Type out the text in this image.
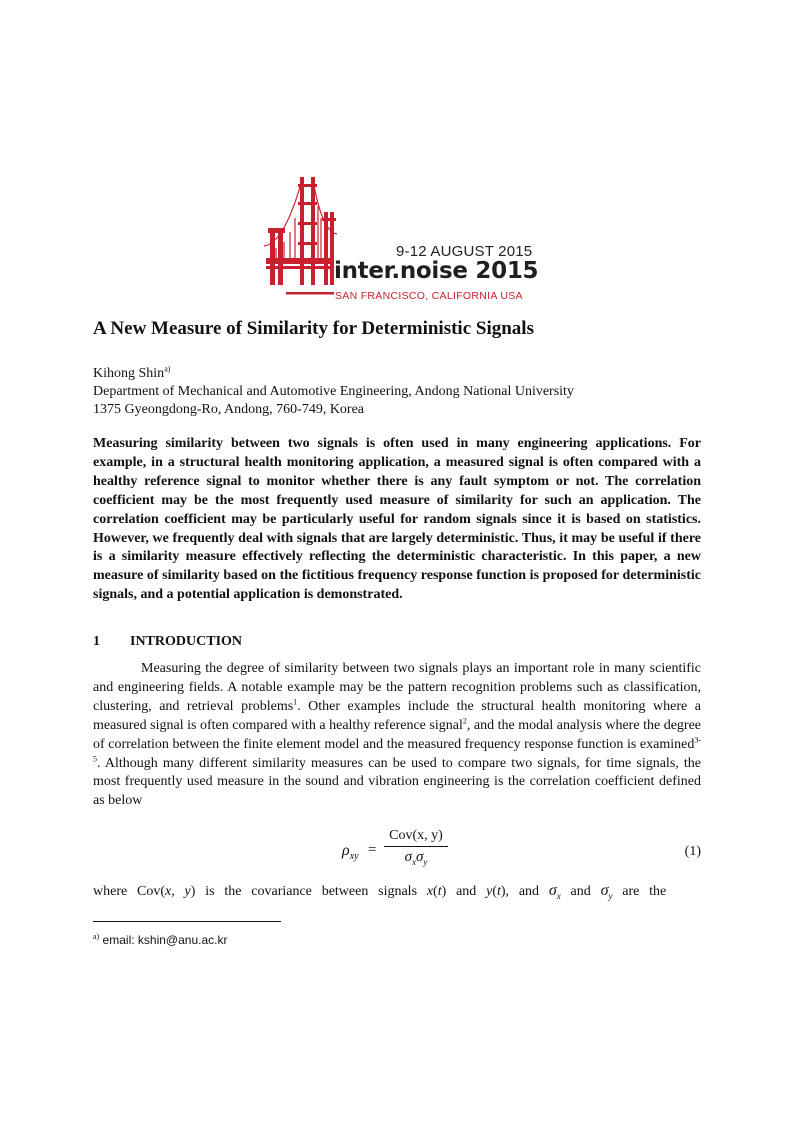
9-12 AUGUST 2015
inter.noise 2015
SAN FRANCISCO, CALIFORNIA USA
A New Measure of Similarity for Deterministic Signals
Kihong Shin$^{a)}$
Department of Mechanical and Automotive Engineering, Andong National University
1375 Gyeongdong-Ro, Andong, 760-749, Korea

Measuring similarity between two signals is often used in many engineering applications. For example, in a structural health monitoring application, a measured signal is often compared with a healthy reference signal to monitor whether there is any fault symptom or not. The correlation coefficient may be the most frequently used measure of similarity for such an application. The correlation coefficient may be particularly useful for random signals since it is based on statistics. However, we frequently deal with signals that are largely deterministic. Thus, it may be useful if there is a similarity measure effectively reflecting the deterministic characteristic. In this paper, a new measure of similarity based on the fictitious frequency response function is proposed for deterministic signals, and a potential application is demonstrated.

1 INTRODUCTION

Measuring the degree of similarity between two signals plays an important role in many scientific and engineering fields. A notable example may be the pattern recognition problems such as classification, clustering, and retrieval problems$^1$. Other examples include the structural health monitoring where a measured signal is often compared with a healthy reference signal$^2$, and the modal analysis where the degree of correlation between the finite element model and the measured frequency response function is examined$^{3-5}$. Although many different similarity measures can be used to compare two signals, for time signals, the most frequently used measure in the sound and vibration engineering is the correlation coefficient defined as below

$\rho_{xy}$ =
Cov(x, y)
$\sigma_x\sigma_y$
(1)
where Cov(x, y) is the covariance between signals x(t) and y(t), and $\sigma_x$ and $\sigma_y$ are the
$^{a)}$ email: kshin@anu.ac.kr
